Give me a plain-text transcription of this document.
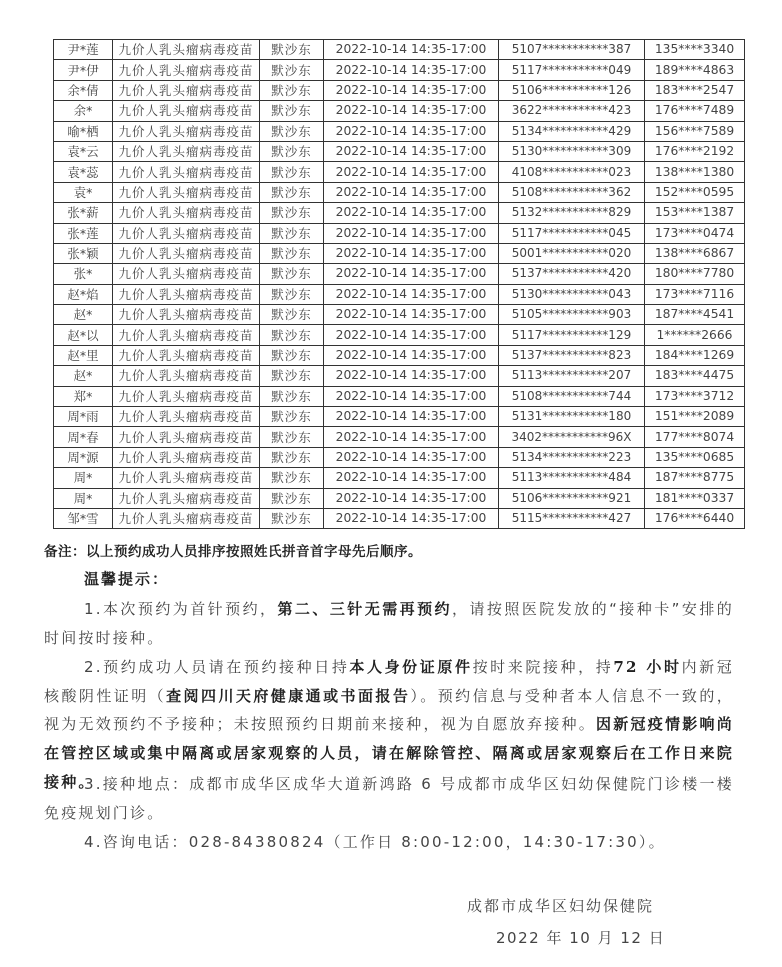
尹*莲	九价人乳头瘤病毒疫苗	默沙东	2022-10-14 14:35-17:00	5107***********387	135****3340
尹*伊	九价人乳头瘤病毒疫苗	默沙东	2022-10-14 14:35-17:00	5117***********049	189****4863
余*倩	九价人乳头瘤病毒疫苗	默沙东	2022-10-14 14:35-17:00	5106***********126	183****2547
余*	九价人乳头瘤病毒疫苗	默沙东	2022-10-14 14:35-17:00	3622***********423	176****7489
喻*栖	九价人乳头瘤病毒疫苗	默沙东	2022-10-14 14:35-17:00	5134***********429	156****7589
袁*云	九价人乳头瘤病毒疫苗	默沙东	2022-10-14 14:35-17:00	5130***********309	176****2192
袁*蕊	九价人乳头瘤病毒疫苗	默沙东	2022-10-14 14:35-17:00	4108***********023	138****1380
袁*	九价人乳头瘤病毒疫苗	默沙东	2022-10-14 14:35-17:00	5108***********362	152****0595
张*薪	九价人乳头瘤病毒疫苗	默沙东	2022-10-14 14:35-17:00	5132***********829	153****1387
张*莲	九价人乳头瘤病毒疫苗	默沙东	2022-10-14 14:35-17:00	5117***********045	173****0474
张*颖	九价人乳头瘤病毒疫苗	默沙东	2022-10-14 14:35-17:00	5001***********020	138****6867
张*	九价人乳头瘤病毒疫苗	默沙东	2022-10-14 14:35-17:00	5137***********420	180****7780
赵*焰	九价人乳头瘤病毒疫苗	默沙东	2022-10-14 14:35-17:00	5130***********043	173****7116
赵*	九价人乳头瘤病毒疫苗	默沙东	2022-10-14 14:35-17:00	5105***********903	187****4541
赵*以	九价人乳头瘤病毒疫苗	默沙东	2022-10-14 14:35-17:00	5117***********129	1******2666
赵*里	九价人乳头瘤病毒疫苗	默沙东	2022-10-14 14:35-17:00	5137***********823	184****1269
赵*	九价人乳头瘤病毒疫苗	默沙东	2022-10-14 14:35-17:00	5113***********207	183****4475
郑*	九价人乳头瘤病毒疫苗	默沙东	2022-10-14 14:35-17:00	5108***********744	173****3712
周*雨	九价人乳头瘤病毒疫苗	默沙东	2022-10-14 14:35-17:00	5131***********180	151****2089
周*春	九价人乳头瘤病毒疫苗	默沙东	2022-10-14 14:35-17:00	3402***********96X	177****8074
周*源	九价人乳头瘤病毒疫苗	默沙东	2022-10-14 14:35-17:00	5134***********223	135****0685
周*	九价人乳头瘤病毒疫苗	默沙东	2022-10-14 14:35-17:00	5113***********484	187****8775
周*	九价人乳头瘤病毒疫苗	默沙东	2022-10-14 14:35-17:00	5106***********921	181****0337
邹*雪	九价人乳头瘤病毒疫苗	默沙东	2022-10-14 14:35-17:00	5115***********427	176****6440
备注：以上预约成功人员排序按照姓氏拼音首字母先后顺序。
温馨提示：
1.本次预约为首针预约，第二、三针无需再预约，请按照医院发放的“接种卡”安排的时间按时接种。
2.预约成功人员请在预约接种日持本人身份证原件按时来院接种，持72 小时内新冠核酸阴性证明（查阅四川天府健康通或书面报告）。预约信息与受种者本人信息不一致的，视为无效预约不予接种；未按照预约日期前来接种，视为自愿放弃接种。因新冠疫情影响尚在管控区域或集中隔离或居家观察的人员，请在解除管控、隔离或居家观察后在工作日来院接种。
3.接种地点：成都市成华区成华大道新鸿路 6 号成都市成华区妇幼保健院门诊楼一楼免疫规划门诊。
4.咨询电话：028-84380824（工作日 8:00-12:00，14:30-17:30）。
成都市成华区妇幼保健院
2022 年 10 月 12 日
